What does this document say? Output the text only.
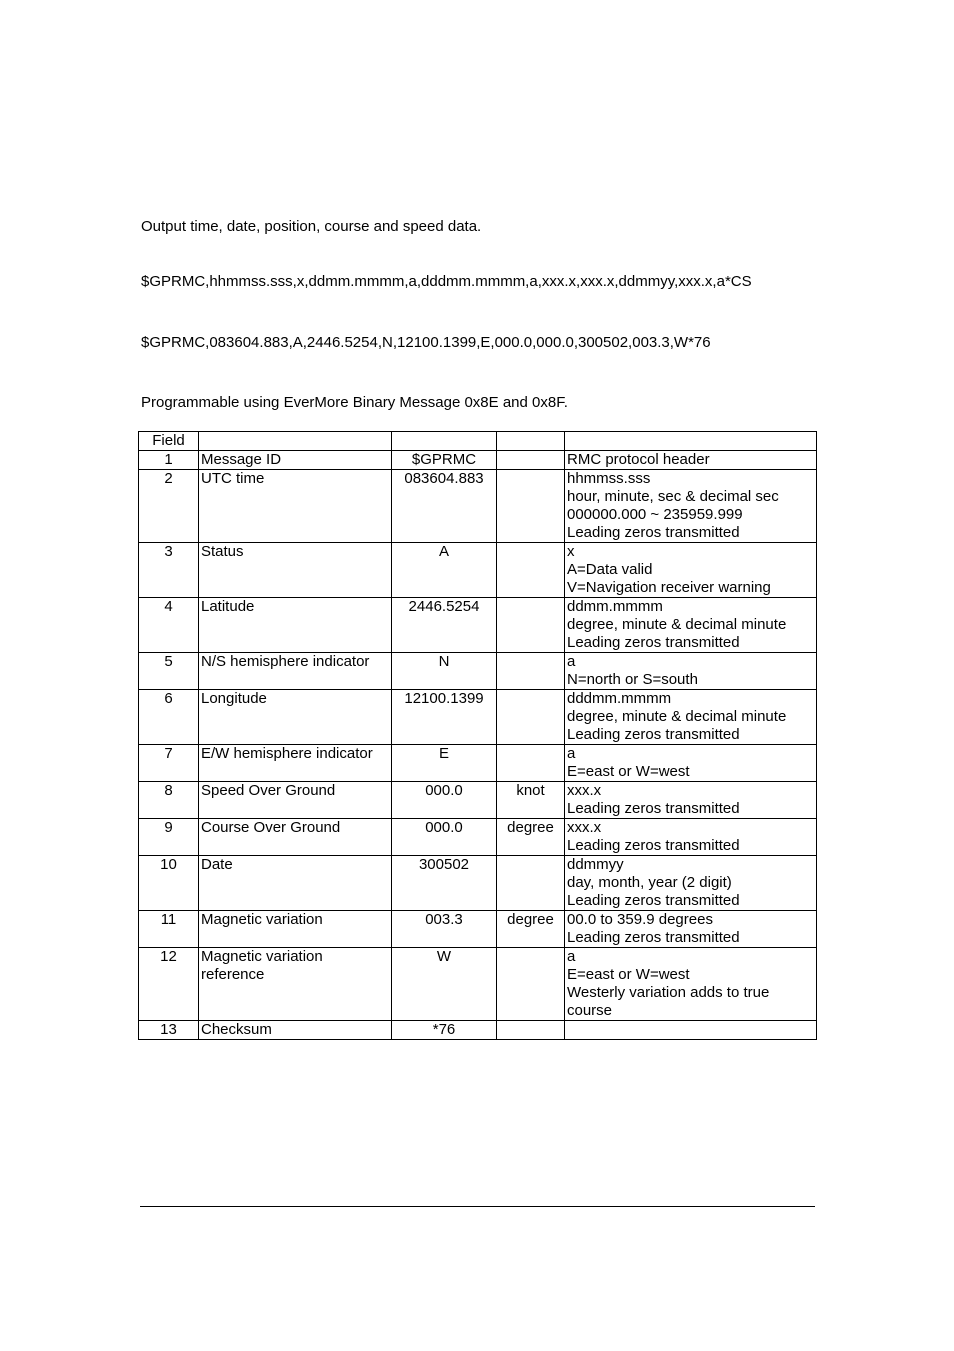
Output time, date, position, course and speed data.

$GPRMC,hhmmss.sss,x,ddmm.mmmm,a,dddmm.mmmm,a,xxx.x,xxx.x,ddmmyy,xxx.x,a*CS

$GPRMC,083604.883,A,2446.5254,N,12100.1399,E,000.0,000.0,300502,003.3,W*76

Programmable using EverMore Binary Message 0x8E and 0x8F.

Field				
1	Message ID	$GPRMC		RMC protocol header

2	UTC time	083604.883		hhmmss.sss
hour, minute, sec & decimal sec
000000.000 ~ 235959.999
Leading zeros transmitted

3	Status	A		x
A=Data valid
V=Navigation receiver warning

4	Latitude	2446.5254		ddmm.mmmm
degree, minute & decimal minute
Leading zeros transmitted

5	N/S hemisphere indicator	N		a
N=north or S=south

6	Longitude	12100.1399		dddmm.mmmm
degree, minute & decimal minute
Leading zeros transmitted

7	E/W hemisphere indicator	E		a
E=east or W=west

8	Speed Over Ground	000.0	knot	xxx.x
Leading zeros transmitted

9	Course Over Ground	000.0	degree	xxx.x
Leading zeros transmitted

10	Date	300502		ddmmyy
day, month, year (2 digit)
Leading zeros transmitted

11	Magnetic variation	003.3	degree	00.0 to 359.9 degrees
Leading zeros transmitted

12	Magnetic variation reference	W		a
E=east or W=west
Westerly variation adds to true course

13	Checksum	*76		
